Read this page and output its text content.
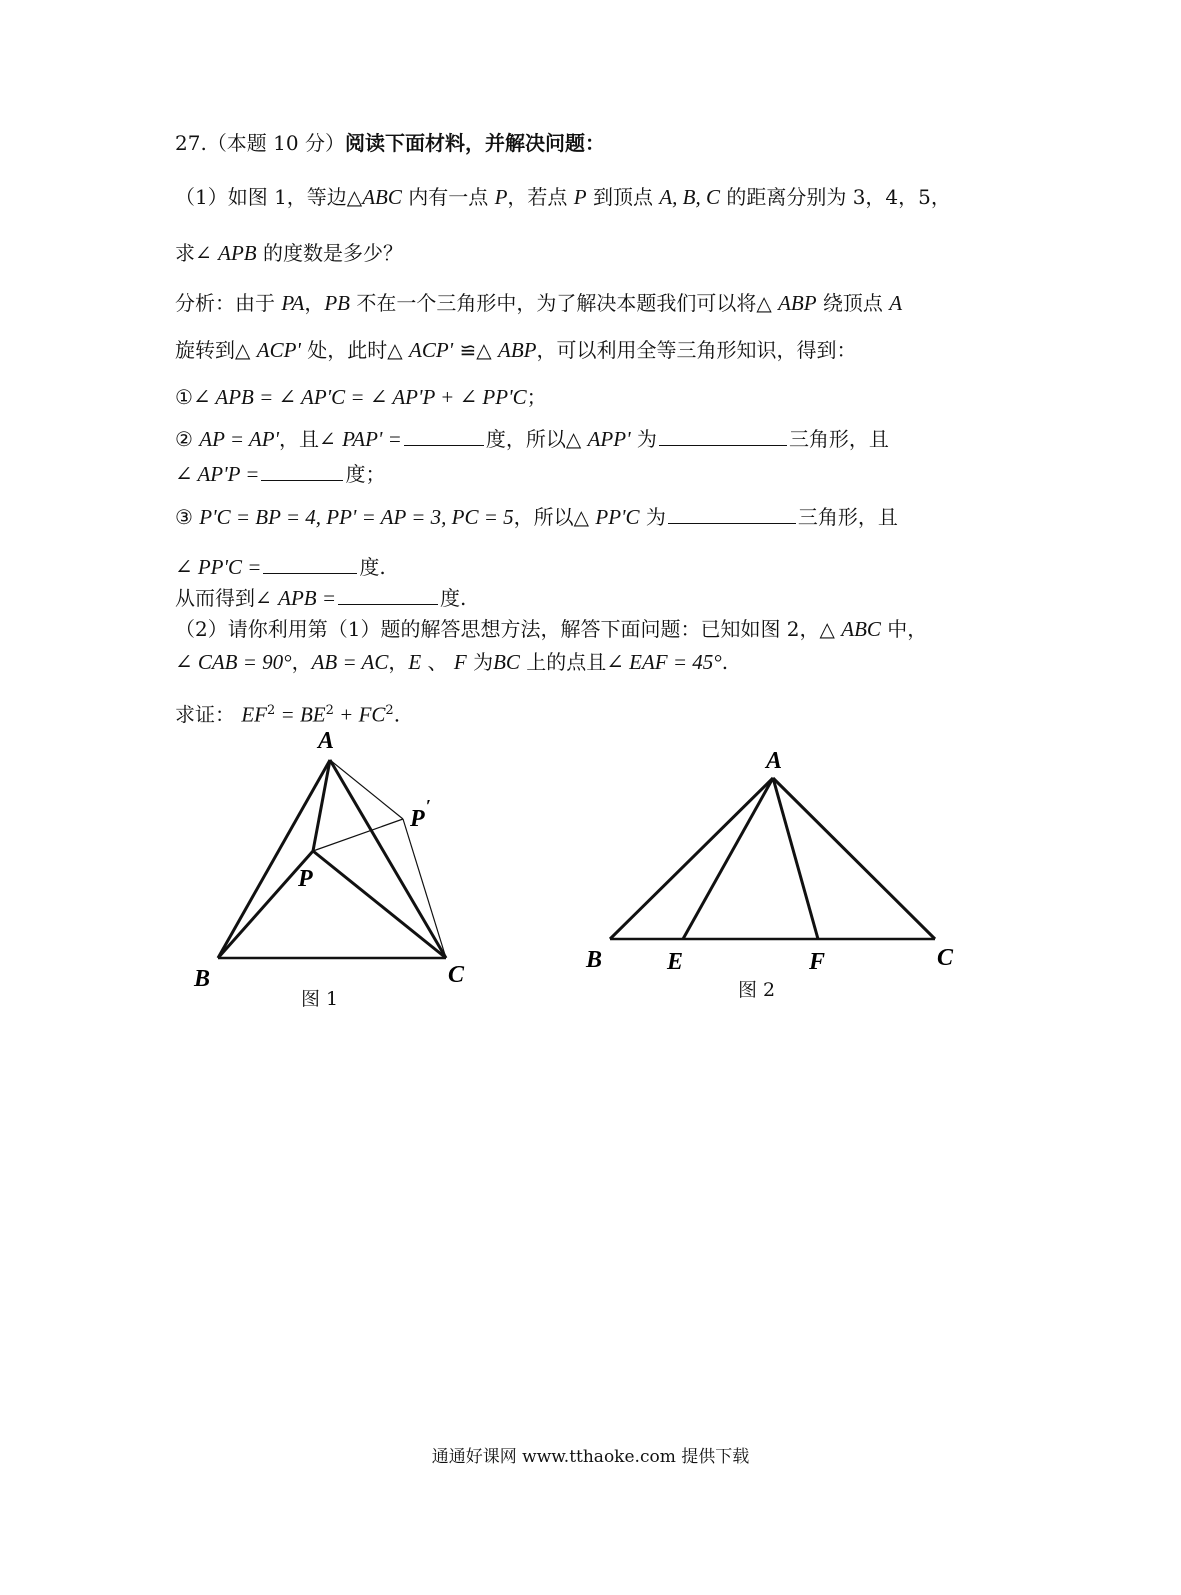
27.（本题 10 分）阅读下面材料，并解决问题：
（1）如图 1，等边△ABC 内有一点 P，若点 P 到顶点 A, B, C 的距离分别为 3，4，5，
求∠ APB 的度数是多少？
分析：由于 PA，PB 不在一个三角形中，为了解决本题我们可以将△ ABP 绕顶点 A
旋转到△ ACP' 处，此时△ ACP' ≌△ ABP，可以利用全等三角形知识，得到：
①∠ APB = ∠ AP'C = ∠ AP'P + ∠ PP'C；
② AP = AP'，且∠ PAP' =	度，所以△ APP' 为	三角形，且
∠ AP'P =	度；
③ P'C = BP = 4, PP' = AP = 3, PC = 5，所以△ PP'C 为	三角形，且
∠ PP'C =	度.
从而得到∠ APB =	度.
（2）请你利用第（1）题的解答思想方法，解答下面问题：已知如图 2，△ ABC 中，
∠ CAB = 90°，AB = AC，E 、 F 为BC 上的点且∠ EAF = 45°.
求证： $EF^2 = BE^2 + FC^2$.
A
B	C
P
P ′
图 1
A
B	E	F	C
图 2
通通好课网 www.tthaoke.com 提供下载
